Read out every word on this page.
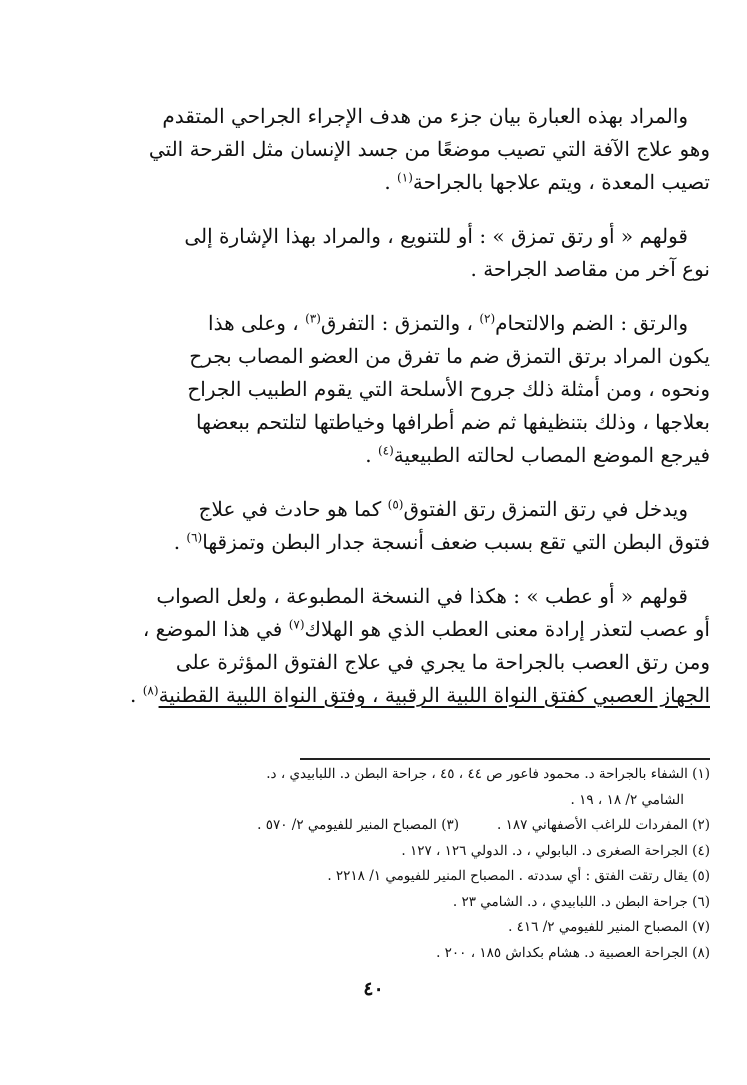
والمراد بهذه العبارة بيان جزء من هدف الإجراء الجراحي المتقدم
وهو علاج الآفة التي تصيب موضعًا من جسد الإنسان مثل القرحة التي
تصيب المعدة ، ويتم علاجها بالجراحة$^{(١)}$ .

قولهم « أو رتق تمزق » : أو للتنويع ، والمراد بهذا الإشارة إلى
نوع آخر من مقاصد الجراحة .

والرتق : الضم والالتحام$^{(٢)}$ ، والتمزق : التفرق$^{(٣)}$ ، وعلى هذا
يكون المراد برتق التمزق ضم ما تفرق من العضو المصاب بجرح
ونحوه ، ومن أمثلة ذلك جروح الأسلحة التي يقوم الطبيب الجراح
بعلاجها ، وذلك بتنظيفها ثم ضم أطرافها وخياطتها لتلتحم ببعضها
فيرجع الموضع المصاب لحالته الطبيعية$^{(٤)}$ .

ويدخل في رتق التمزق رتق الفتوق$^{(٥)}$ كما هو حادث في علاج
فتوق البطن التي تقع بسبب ضعف أنسجة جدار البطن وتمزقها$^{(٦)}$ .

قولهم « أو عطب » : هكذا في النسخة المطبوعة ، ولعل الصواب
أو عصب لتعذر إرادة معنى العطب الذي هو الهلاك$^{(٧)}$ في هذا الموضع ،
ومن رتق العصب بالجراحة ما يجري في علاج الفتوق المؤثرة على
الجهاز العصبي كفتق النواة اللبية الرقبية ، وفتق النواة اللبية القطنية$^{(٨)}$ .

(١) الشفاء بالجراحة د. محمود فاعور ص ٤٤ ، ٤٥ ، جراحة البطن د. اللبابيدي ، د.
الشامي ٢/ ١٨ ، ١٩ .

(٢) المفردات للراغب الأصفهاني ١٨٧ .(٣) المصباح المنير للفيومي ٢/ ٥٧٠ .

(٤) الجراحة الصغرى د. البابولي ، د. الدولي ١٢٦ ، ١٢٧ .

(٥) يقال رتقت الفتق : أي سددته . المصباح المنير للفيومي ١/ ٢٢١٨ .

(٦) جراحة البطن د. اللبابيدي ، د. الشامي ٢٣ .

(٧) المصباح المنير للفيومي ٢/ ٤١٦ .

(٨) الجراحة العصبية د. هشام بكداش ١٨٥ ، ٢٠٠ .

٤٠
